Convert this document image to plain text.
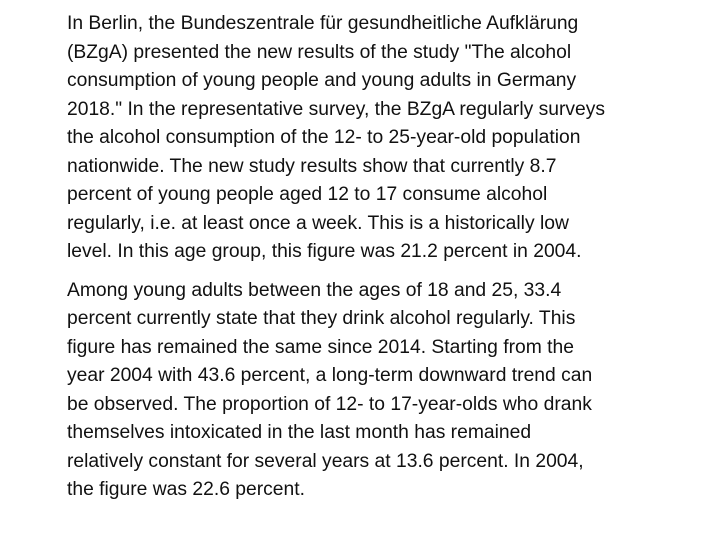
In Berlin, the Bundeszentrale für gesundheitliche Aufklärung
(BZgA) presented the new results of the study "The alcohol
consumption of young people and young adults in Germany
2018." In the representative survey, the BZgA regularly surveys
the alcohol consumption of the 12- to 25-year-old population
nationwide. The new study results show that currently 8.7
percent of young people aged 12 to 17 consume alcohol
regularly, i.e. at least once a week. This is a historically low
level. In this age group, this figure was 21.2 percent in 2004.

Among young adults between the ages of 18 and 25, 33.4
percent currently state that they drink alcohol regularly. This
figure has remained the same since 2014. Starting from the
year 2004 with 43.6 percent, a long-term downward trend can
be observed. The proportion of 12- to 17-year-olds who drank
themselves intoxicated in the last month has remained
relatively constant for several years at 13.6 percent. In 2004,
the figure was 22.6 percent.
